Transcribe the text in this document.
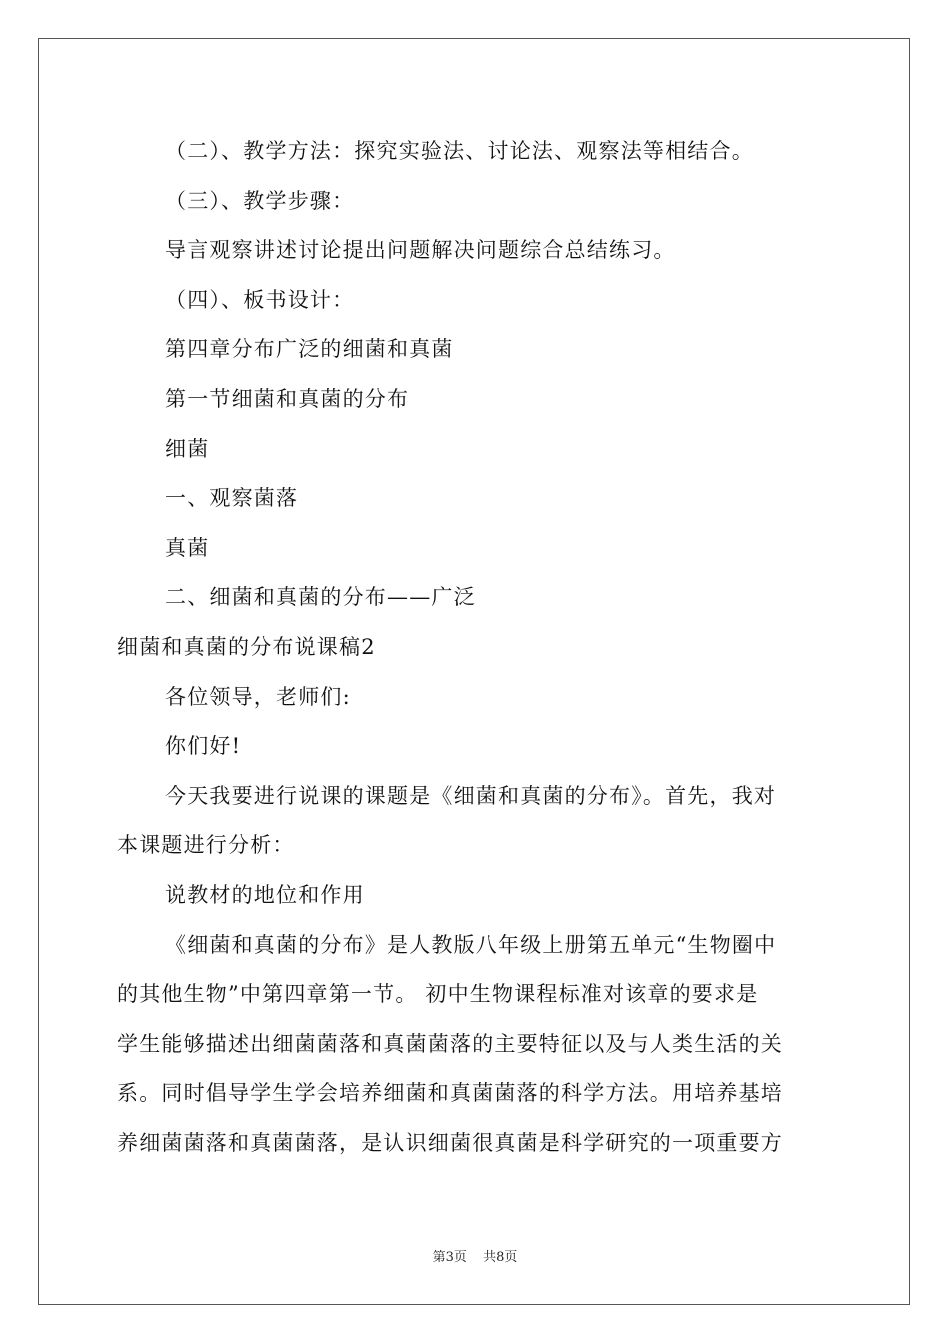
（二）、教学方法：探究实验法、讨论法、观察法等相结合。
（三）、教学步骤：
导言观察讲述讨论提出问题解决问题综合总结练习。
（四）、板书设计：
第四章分布广泛的细菌和真菌
第一节细菌和真菌的分布
细菌
一、观察菌落
真菌
二、细菌和真菌的分布——广泛
细菌和真菌的分布说课稿2
各位领导，老师们:
你们好!
今天我要进行说课的课题是《细菌和真菌的分布》。首先，我对
本课题进行分析：
说教材的地位和作用
《细菌和真菌的分布》是人教版八年级上册第五单元“生物圈中
的其他生物”中第四章第一节。 初中生物课程标准对该章的要求是
学生能够描述出细菌菌落和真菌菌落的主要特征以及与人类生活的关
系。同时倡导学生学会培养细菌和真菌菌落的科学方法。用培养基培
养细菌菌落和真菌菌落，是认识细菌很真菌是科学研究的一项重要方
第3页 共8页
